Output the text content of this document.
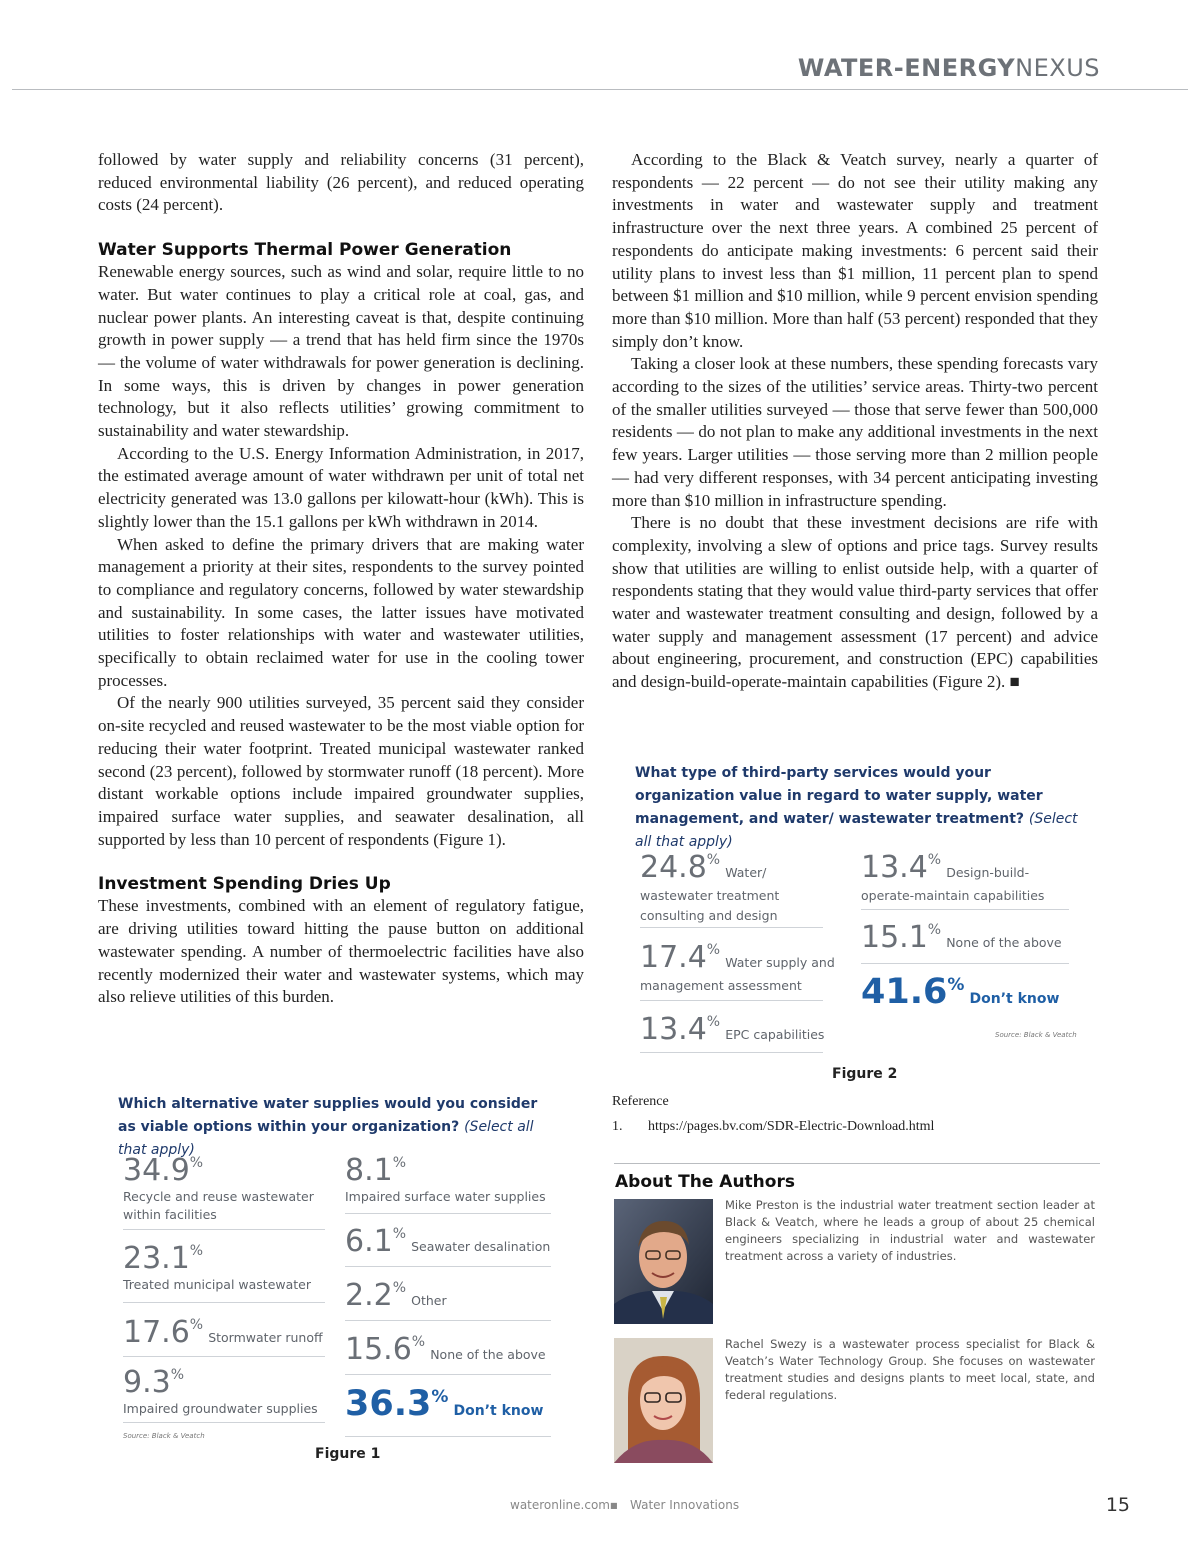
WATER-ENERGYNEXUS

followed by water supply and reliability concerns (31 percent), reduced environmental liability (26 percent), and reduced operating costs (24 percent).

Water Supports Thermal Power Generation

Renewable energy sources, such as wind and solar, require little to no water. But water continues to play a critical role at coal, gas, and nuclear power plants. An interesting caveat is that, despite continuing growth in power supply — a trend that has held firm since the 1970s — the volume of water withdrawals for power generation is declining. In some ways, this is driven by changes in power generation technology, but it also reflects utilities’ growing commitment to sustainability and water stewardship.

According to the U.S. Energy Information Administration, in 2017, the estimated average amount of water withdrawn per unit of total net electricity generated was 13.0 gallons per kilowatt-hour (kWh). This is slightly lower than the 15.1 gallons per kWh withdrawn in 2014.

When asked to define the primary drivers that are making water management a priority at their sites, respondents to the survey pointed to compliance and regulatory concerns, followed by water stewardship and sustainability. In some cases, the latter issues have motivated utilities to foster relationships with water and wastewater utilities, specifically to obtain reclaimed water for use in the cooling tower processes.

Of the nearly 900 utilities surveyed, 35 percent said they consider on-site recycled and reused wastewater to be the most viable option for reducing their water footprint. Treated municipal wastewater ranked second (23 percent), followed by stormwater runoff (18 percent). More distant workable options include impaired groundwater supplies, impaired surface water supplies, and seawater desalination, all supported by less than 10 percent of respondents (Figure 1).

Investment Spending Dries Up

These investments, combined with an element of regulatory fatigue, are driving utilities toward hitting the pause button on additional wastewater spending. A number of thermoelectric facilities have also recently modernized their water and wastewater systems, which may also relieve utilities of this burden.

According to the Black & Veatch survey, nearly a quarter of respondents — 22 percent — do not see their utility making any investments in water and wastewater supply and treatment infrastructure over the next three years. A combined 25 percent of respondents do anticipate making investments: 6 percent said their utility plans to invest less than $1 million, 11 percent plan to spend between $1 million and $10 million, while 9 percent envision spending more than $10 million. More than half (53 percent) responded that they simply don’t know.

Taking a closer look at these numbers, these spending forecasts vary according to the sizes of the utilities’ service areas. Thirty-two percent of the smaller utilities surveyed — those that serve fewer than 500,000 residents — do not plan to make any additional investments in the next few years. Larger utilities — those serving more than 2 million people — had very different responses, with 34 percent anticipating investing more than $10 million in infrastructure spending.

There is no doubt that these investment decisions are rife with complexity, involving a slew of options and price tags. Survey results show that utilities are willing to enlist outside help, with a quarter of respondents stating that they would value third-party services that offer water and wastewater treatment consulting and design, followed by a water supply and management assessment (17 percent) and advice about engineering, procurement, and construction (EPC) capabilities and design-build-operate-maintain capabilities (Figure 2). ■

Which alternative water supplies would you consider as viable options within your organization? (Select all that apply)
34.9%
Recycle and reuse wastewater within facilities
23.1%
Treated municipal wastewater
17.6% Stormwater runoff
9.3%
Impaired groundwater supplies
8.1%
Impaired surface water supplies
6.1% Seawater desalination
2.2% Other
15.6% None of the above
36.3% Don’t know
Source: Black & Veatch
Figure 1
What type of third-party services would your organization value in regard to water supply, water management, and water/ wastewater treatment? (Select all that apply)
24.8% Water/ wastewater treatment consulting and design
17.4% Water supply and management assessment
13.4% EPC capabilities
13.4% Design-build- operate-maintain capabilities
15.1% None of the above
41.6% Don’t know
Source: Black & Veatch
Figure 2
Reference
1. https://pages.bv.com/SDR-Electric-Download.html
About The Authors
Mike Preston is the industrial water treatment section leader at Black & Veatch, where he leads a group of about 25 chemical engineers specializing in industrial water and wastewater treatment across a variety of industries.
Rachel Swezy is a wastewater process specialist for Black & Veatch’s Water Technology Group. She focuses on wastewater treatment studies and designs plants to meet local, state, and federal regulations.
wateronline.com ■ Water Innovations	15
